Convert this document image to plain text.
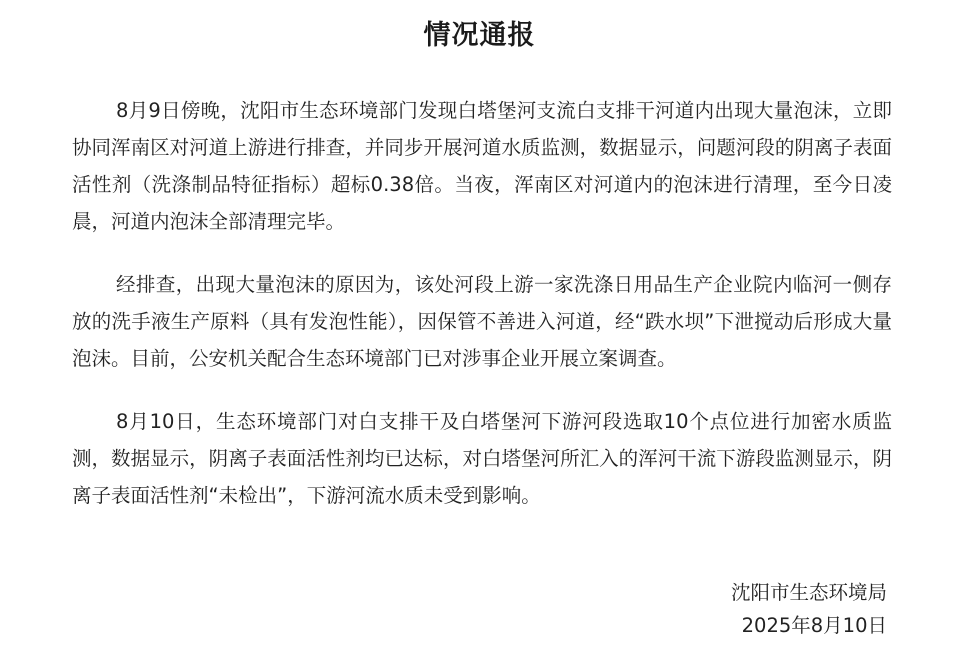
情况通报

8月9日傍晚，沈阳市生态环境部门发现白塔堡河支流白支排干河道内出现大量泡沫，立即协同浑南区对河道上游进行排查，并同步开展河道水质监测，数据显示，问题河段的阴离子表面活性剂（洗涤制品特征指标）超标0.38倍。当夜，浑南区对河道内的泡沫进行清理，至今日凌晨，河道内泡沫全部清理完毕。

经排查，出现大量泡沫的原因为，该处河段上游一家洗涤日用品生产企业院内临河一侧存放的洗手液生产原料（具有发泡性能），因保管不善进入河道，经“跌水坝”下泄搅动后形成大量泡沫。目前，公安机关配合生态环境部门已对涉事企业开展立案调查。

8月10日，生态环境部门对白支排干及白塔堡河下游河段选取10个点位进行加密水质监测，数据显示，阴离子表面活性剂均已达标，对白塔堡河所汇入的浑河干流下游段监测显示，阴离子表面活性剂“未检出”，下游河流水质未受到影响。

沈阳市生态环境局
2025年8月10日
